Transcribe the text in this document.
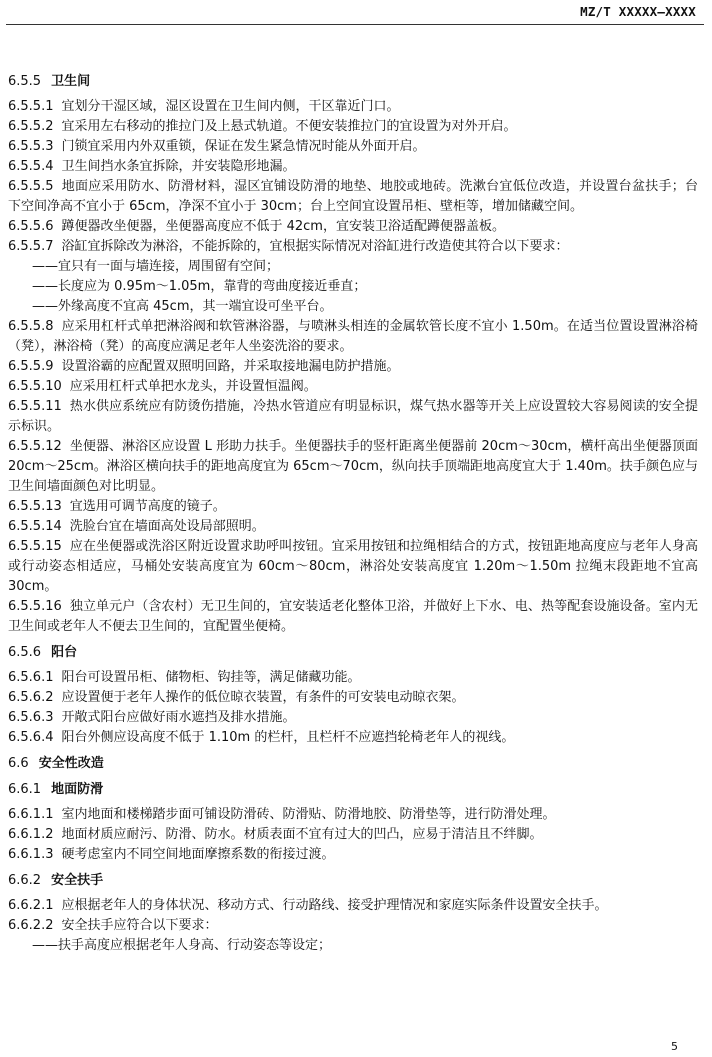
MZ/T XXXXX—XXXX
6.5.5 卫生间
6.5.5.1 宜划分干湿区域，湿区设置在卫生间内侧，干区靠近门口。
6.5.5.2 宜采用左右移动的推拉门及上悬式轨道。不便安装推拉门的宜设置为对外开启。
6.5.5.3 门锁宜采用内外双重锁，保证在发生紧急情况时能从外面开启。
6.5.5.4 卫生间挡水条宜拆除，并安装隐形地漏。
6.5.5.5 地面应采用防水、防滑材料，湿区宜铺设防滑的地垫、地胶或地砖。洗漱台宜低位改造，并设置台盆扶手；台下空间净高不宜小于 65cm，净深不宜小于 30cm；台上空间宜设置吊柜、壁柜等，增加储藏空间。
6.5.5.6 蹲便器改坐便器，坐便器高度应不低于 42cm，宜安装卫浴适配蹲便器盖板。
6.5.5.7 浴缸宜拆除改为淋浴，不能拆除的，宜根据实际情况对浴缸进行改造使其符合以下要求：
——宜只有一面与墙连接，周围留有空间；
——长度应为 0.95m～1.05m，靠背的弯曲度接近垂直；
——外缘高度不宜高 45cm，其一端宜设可坐平台。
6.5.5.8 应采用杠杆式单把淋浴阀和软管淋浴器，与喷淋头相连的金属软管长度不宜小 1.50m。在适当位置设置淋浴椅（凳），淋浴椅（凳）的高度应满足老年人坐姿洗浴的要求。
6.5.5.9 设置浴霸的应配置双照明回路，并采取接地漏电防护措施。
6.5.5.10 应采用杠杆式单把水龙头，并设置恒温阀。
6.5.5.11 热水供应系统应有防烫伤措施，冷热水管道应有明显标识，煤气热水器等开关上应设置较大容易阅读的安全提示标识。
6.5.5.12 坐便器、淋浴区应设置 L 形助力扶手。坐便器扶手的竖杆距离坐便器前 20cm～30cm，横杆高出坐便器顶面 20cm～25cm。淋浴区横向扶手的距地高度宜为 65cm～70cm，纵向扶手顶端距地高度宜大于 1.40m。扶手颜色应与卫生间墙面颜色对比明显。
6.5.5.13 宜选用可调节高度的镜子。
6.5.5.14 洗脸台宜在墙面高处设局部照明。
6.5.5.15 应在坐便器或洗浴区附近设置求助呼叫按钮。宜采用按钮和拉绳相结合的方式，按钮距地高度应与老年人身高或行动姿态相适应，马桶处安装高度宜为 60cm～80cm，淋浴处安装高度宜 1.20m～1.50m 拉绳末段距地不宜高 30cm。
6.5.5.16 独立单元户（含农村）无卫生间的，宜安装适老化整体卫浴，并做好上下水、电、热等配套设施设备。室内无卫生间或老年人不便去卫生间的，宜配置坐便椅。
6.5.6 阳台
6.5.6.1 阳台可设置吊柜、储物柜、钩挂等，满足储藏功能。
6.5.6.2 应设置便于老年人操作的低位晾衣装置，有条件的可安装电动晾衣架。
6.5.6.3 开敞式阳台应做好雨水遮挡及排水措施。
6.5.6.4 阳台外侧应设高度不低于 1.10m 的栏杆，且栏杆不应遮挡轮椅老年人的视线。
6.6 安全性改造
6.6.1 地面防滑
6.6.1.1 室内地面和楼梯踏步面可铺设防滑砖、防滑贴、防滑地胶、防滑垫等，进行防滑处理。
6.6.1.2 地面材质应耐污、防滑、防水。材质表面不宜有过大的凹凸，应易于清洁且不绊脚。
6.6.1.3 硬考虑室内不同空间地面摩擦系数的衔接过渡。
6.6.2 安全扶手
6.6.2.1 应根据老年人的身体状况、移动方式、行动路线、接受护理情况和家庭实际条件设置安全扶手。
6.6.2.2 安全扶手应符合以下要求：
——扶手高度应根据老年人身高、行动姿态等设定；
5
